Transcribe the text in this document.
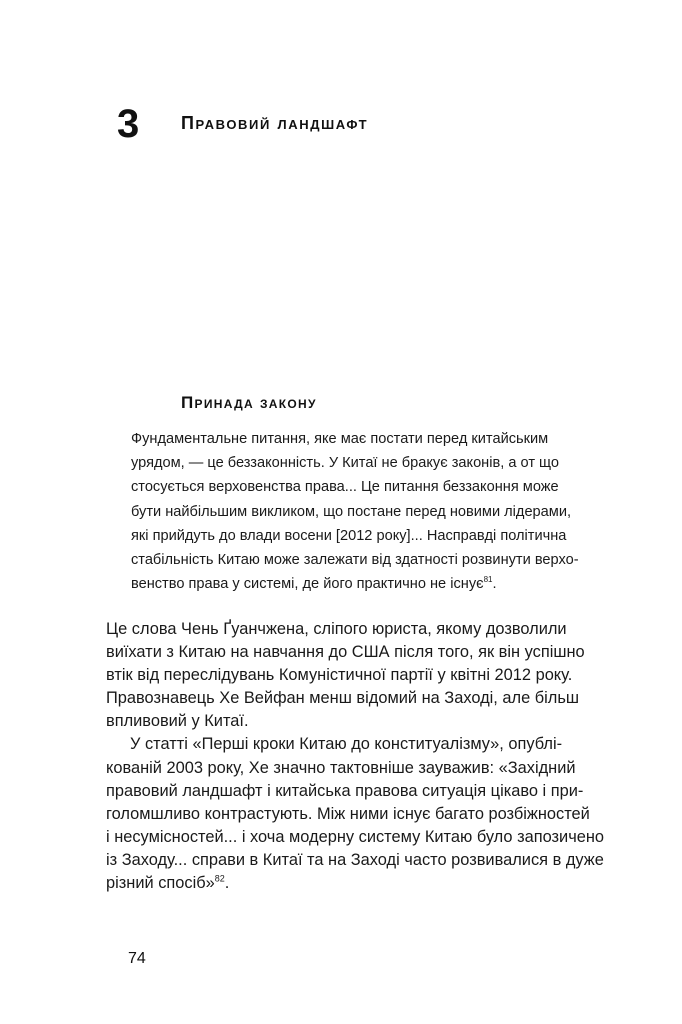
3 Правовий ландшафт
Принада закону
Фундаментальне питання, яке має постати перед китайським
урядом, — це беззаконність. У Китаї не бракує законів, а от що
стосується верховенства права... Це питання беззаконня може
бути найбільшим викликом, що постане перед новими лідерами,
які прийдуть до влади восени [2012 року]... Насправді політична
стабільність Китаю може залежати від здатності розвинути верхо-
венство права у системі, де його практично не існує$^{81}$.
Це слова Чень Ґуанчжена, сліпого юриста, якому дозволили
виїхати з Китаю на навчання до США після того, як він успішно
втік від переслідувань Комуністичної партії у квітні 2012 року.
Правознавець Хе Вейфан менш відомий на Заході, але більш
впливовий у Китаї.
У статті «Перші кроки Китаю до конституалізму», опублі-
кованій 2003 року, Хе значно тактовніше зауважив: «Західний
правовий ландшафт і китайська правова ситуація цікаво і при-
голомшливо контрастують. Між ними існує багато розбіжностей
і несумісностей... і хоча модерну систему Китаю було запозичено
із Заходу... справи в Китаї та на Заході часто розвивалися в дуже
різний спосіб»$^{82}$.
74
